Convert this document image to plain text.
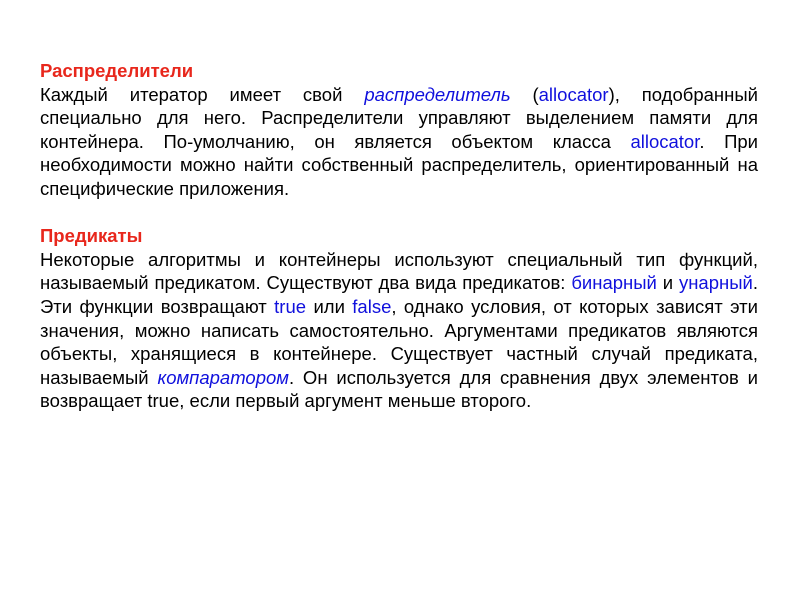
Распределители

Каждый итератор имеет свой распределитель (allocator), подобранный специально для него. Распределители управляют выделением памяти для контейнера. По-умолчанию, он является объектом класса allocator. При необходимости можно найти собственный распределитель, ориентированный на специфические приложения.

Предикаты

Некоторые алгоритмы и контейнеры используют специальный тип функций, называемый предикатом. Существуют два вида предикатов: бинарный и унарный. Эти функции возвращают true или false, однако условия, от которых зависят эти значения, можно написать самостоятельно. Аргументами предикатов являются объекты, хранящиеся в контейнере. Существует частный случай предиката, называемый компаратором. Он используется для сравнения двух элементов и возвращает true, если первый аргумент меньше второго.
